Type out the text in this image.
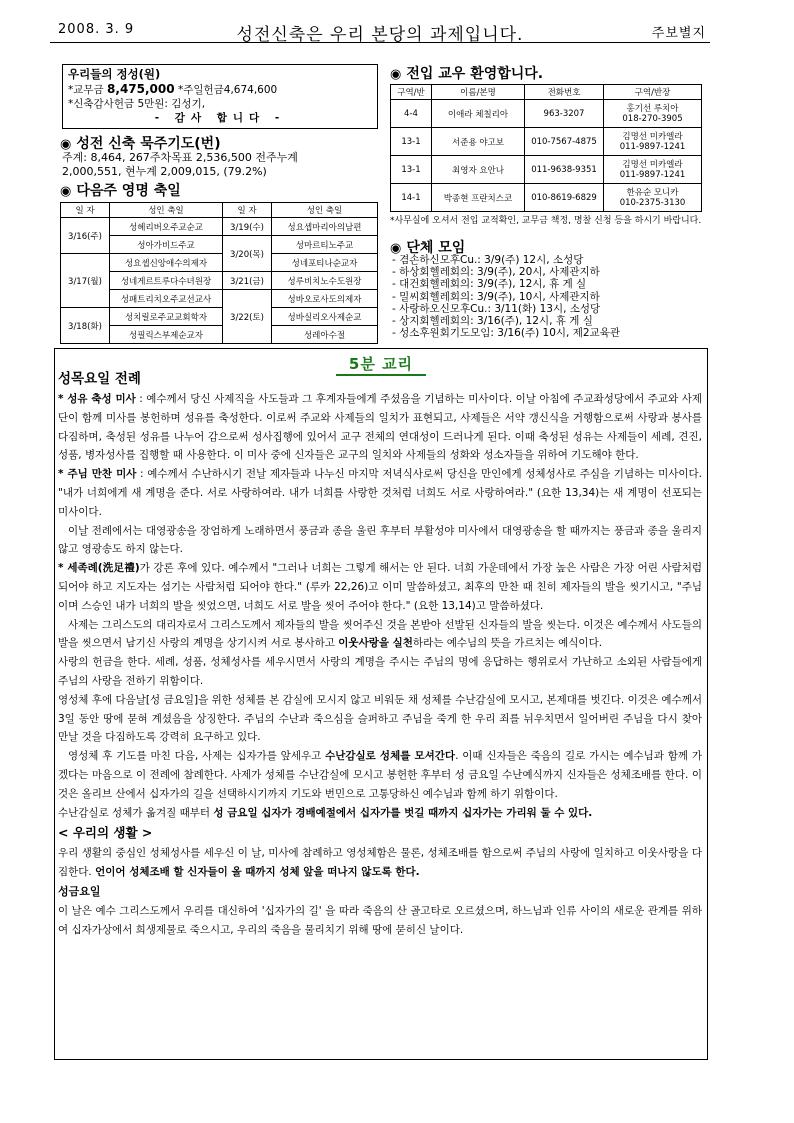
2008. 3. 9	성전신축은 우리 본당의 과제입니다.	주보별지
우리들의 정성(원)
*교무금 8,475,000 *주일헌금4,674,600
*신축감사헌금 5만원: 김성기,
- 감사 합니다 -
◉ 성전 신축 묵주기도(번)
주계: 8,464, 267주차목표 2,536,500 전주누계
2,000,551, 현누계 2,009,015, (79.2%)
◉ 다음주 영명 축일
일 자	성인 축일	일 자	성인 축일
3/16(주)	성헤리버오주교순교	3/19(수)	성요셉마리아의남편
	성아가비드주교	3/20(목)	성마르티노주교
3/17(월)	성요셉신앙애수의제자		성네포티나순교자
	성네게르트루다수녀원장	3/21(금)	성루비치노수도원장
	성패트리치오주교선교사	3/22(토)	성바오로사도의제자
3/18(화)	성치릴로주교교회학자		성바실리오사제순교
	성필릭스부제순교자		성레아수절
◉ 전입 교우 환영합니다.
구역/반	이름/본명	전화번호	구역/반장
4-4	이애라 체칠리아	963-3207	홍기선 루치아
018-270-3905

13-1	서준용 야고보	010-7567-4875	김명선 미카엘라
011-9897-1241

13-1	최영자 요안나	011-9638-9351	김명선 미카엘라
011-9897-1241

14-1	박종현 프란치스코	010-8619-6829	한유순 모니카
010-2375-3130
*사무실에 오셔서 전입 교적확인, 교무금 책정, 명찰 신청 등을 하시기 바랍니다.
◉ 단체 모임
- 겸손하신모후Cu.: 3/9(주) 12시, 소성당
- 하상회헬레회의: 3/9(주), 20시, 사제관지하
- 대건회헬레회의: 3/9(주), 12시, 휴 게 실
- 밀씨회헬레회의: 3/9(주), 10시, 사제관지하
- 사랑하오신모후Cu.: 3/11(화) 13시, 소성당
- 상지회헬레회의: 3/16(주), 12시, 휴 게 실
- 성소후원회기도모임: 3/16(주) 10시, 제2교육관
5분 교리
성목요일 전례

* 성유 축성 미사 : 예수께서 당신 사제직을 사도들과 그 후계자들에게 주셨음을 기념하는 미사이다. 이날 아침에 주교좌성당에서 주교와 사제단이 함께 미사를 봉헌하며 성유를 축성한다. 이로써 주교와 사제들의 일치가 표현되고, 사제들은 서약 갱신식을 거행함으로써 사랑과 봉사를 다짐하며, 축성된 성유를 나누어 감으로써 성사집행에 있어서 교구 전체의 연대성이 드러나게 된다. 이때 축성된 성유는 사제들이 세례, 견진, 성품, 병자성사를 집행할 때 사용한다. 이 미사 중에 신자들은 교구의 일치와 사제들의 성화와 성소자들을 위하여 기도해야 한다.

* 주님 만찬 미사 : 예수께서 수난하시기 전날 제자들과 나누신 마지막 저녁식사로써 당신을 만인에게 성체성사로 주심을 기념하는 미사이다. "내가 너희에게 새 계명을 준다. 서로 사랑하여라. 내가 너희를 사랑한 것처럼 너희도 서로 사랑하여라." (요한 13,34)는 새 계명이 선포되는 미사이다.

이날 전례에서는 대영광송을 장엄하게 노래하면서 풍금과 종을 울린 후부터 부활성야 미사에서 대영광송을 할 때까지는 풍금과 종을 울리지 않고 영광송도 하지 않는다.

* 세족례(洗足禮)가 강론 후에 있다. 예수께서 "그러나 너희는 그렇게 해서는 안 된다. 너희 가운데에서 가장 높은 사람은 가장 어린 사람처럼 되어야 하고 지도자는 섬기는 사람처럼 되어야 한다." (루카 22,26)고 이미 말씀하셨고, 최후의 만찬 때 친히 제자들의 발을 씻기시고, "주님이며 스승인 내가 너희의 발을 씻었으면, 너희도 서로 발을 씻어 주어야 한다." (요한 13,14)고 말씀하셨다.

사제는 그리스도의 대리자로서 그리스도께서 제자들의 발을 씻어주신 것을 본받아 선발된 신자들의 발을 씻는다. 이것은 예수께서 사도들의 발을 씻으면서 남기신 사랑의 계명을 상기시켜 서로 봉사하고 이웃사랑을 실천하라는 예수님의 뜻을 가르치는 예식이다.

사랑의 헌금을 한다. 세례, 성품, 성체성사를 세우시면서 사랑의 계명을 주시는 주님의 명에 응답하는 행위로서 가난하고 소외된 사람들에게 주님의 사랑을 전하기 위함이다.

영성체 후에 다음날[성 금요일]을 위한 성체를 본 감실에 모시지 않고 비워둔 채 성체를 수난감실에 모시고, 본제대를 벗긴다. 이것은 예수께서 3일 동안 땅에 묻혀 계셨음을 상징한다. 주님의 수난과 죽으심을 슬퍼하고 주님을 죽게 한 우리 죄를 뉘우치면서 일어버린 주님을 다시 찾아 만날 것을 다짐하도록 강력히 요구하고 있다.

영성체 후 기도를 마친 다음, 사제는 십자가를 앞세우고 수난감실로 성체를 모셔간다. 이때 신자들은 죽음의 길로 가시는 예수님과 함께 가겠다는 마음으로 이 전례에 참례한다. 사제가 성체를 수난감실에 모시고 봉헌한 후부터 성 금요일 수난예식까지 신자들은 성체조배를 한다. 이것은 올리브 산에서 십자가의 길을 선택하시기까지 기도와 번민으로 고통당하신 예수님과 함께 하기 위함이다.

수난감실로 성체가 옮겨질 때부터 성 금요일 십자가 경배예절에서 십자가를 벗길 때까지 십자가는 가리워 둘 수 있다.

< 우리의 생활 >

우리 생활의 중심인 성체성사를 세우신 이 날, 미사에 참례하고 영성체함은 물론, 성체조배를 함으로써 주님의 사랑에 일치하고 이웃사랑을 다짐한다. 언이어 성체조배 할 신자들이 올 때까지 성체 앞을 떠나지 않도록 한다.

성금요일

이 날은 예수 그리스도께서 우리를 대신하여 '십자가의 길' 을 따라 죽음의 산 골고타로 오르셨으며, 하느님과 인류 사이의 새로운 관계를 위하여 십자가상에서 희생제물로 죽으시고, 우리의 죽음을 물리치기 위해 땅에 묻히신 날이다.
